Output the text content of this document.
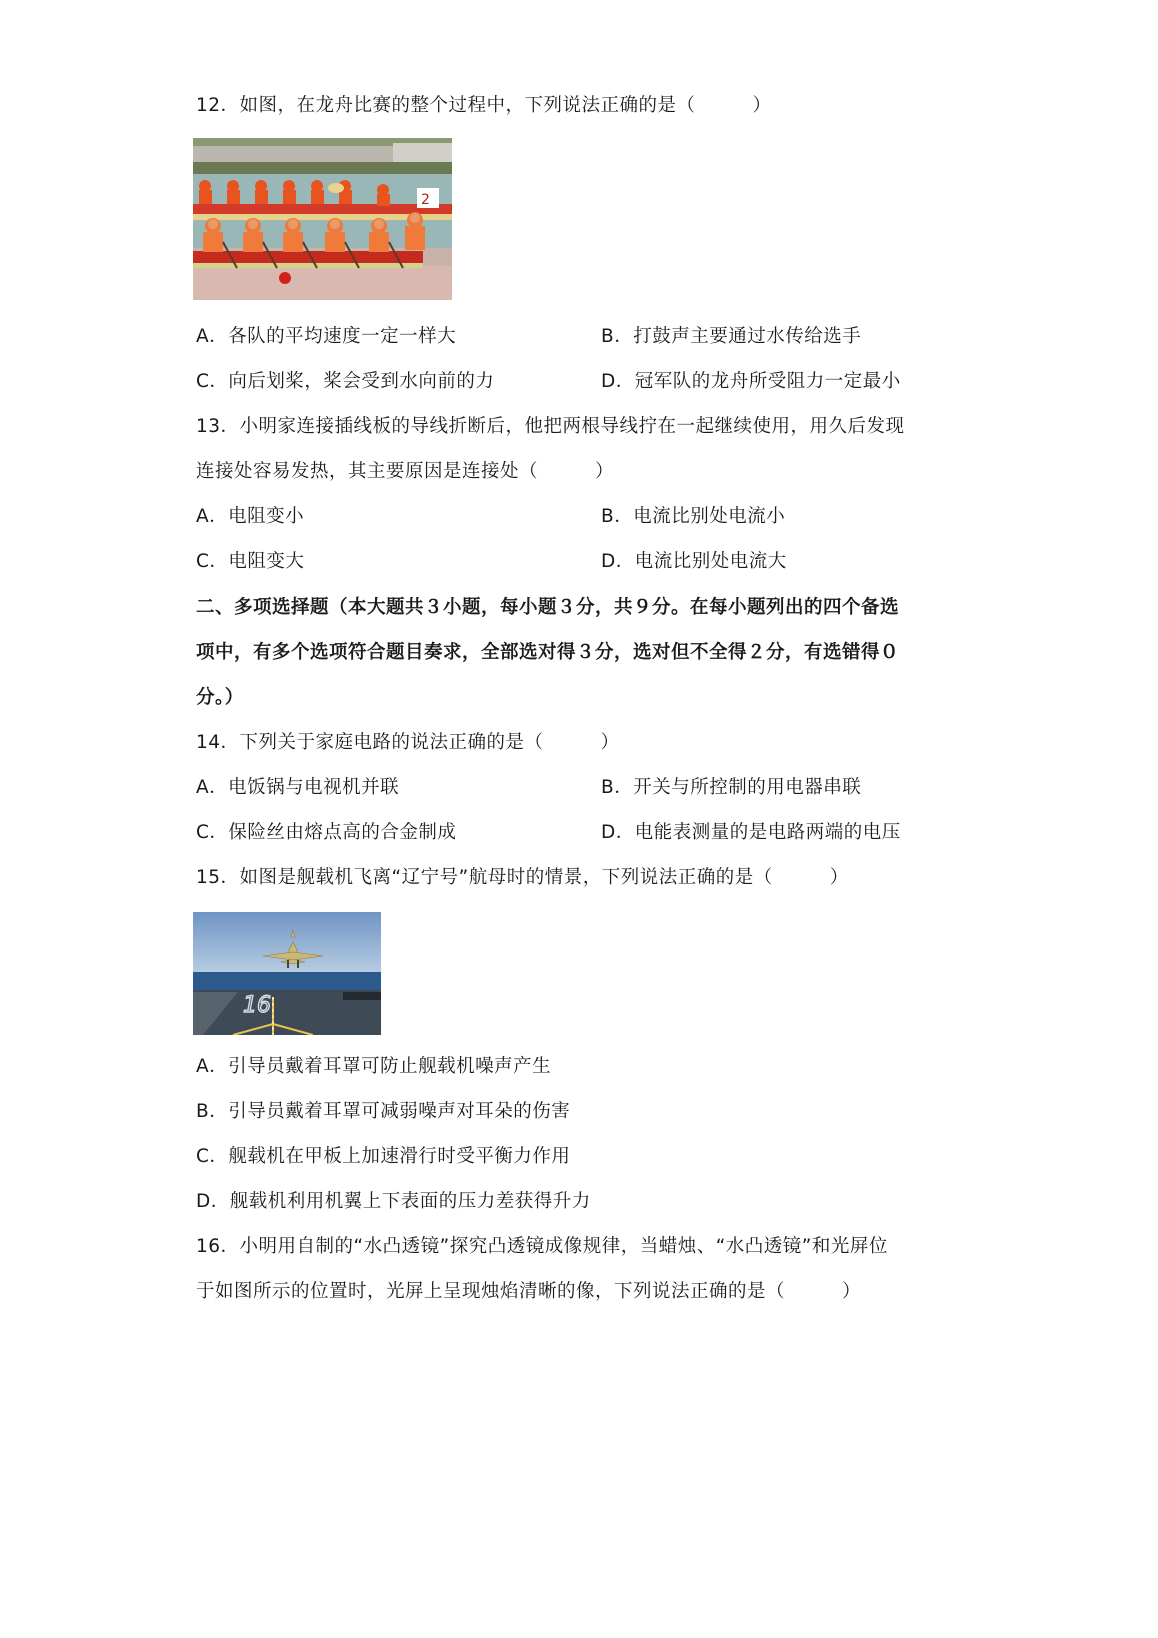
12．如图，在龙舟比赛的整个过程中，下列说法正确的是（　　　）
2
A．各队的平均速度一定一样大	B．打鼓声主要通过水传给选手
C．向后划桨，桨会受到水向前的力	D．冠军队的龙舟所受阻力一定最小
13．小明家连接插线板的导线折断后，他把两根导线拧在一起继续使用，用久后发现
连接处容易发热，其主要原因是连接处（　　　）
A．电阻变小	B．电流比别处电流小
C．电阻变大	D．电流比别处电流大
二、多项选择题（本大题共３小题，每小题３分，共９分。在每小题列出的四个备选
项中，有多个选项符合题目奏求，全部选对得３分，选对但不全得２分，有选错得０
分。）
14．下列关于家庭电路的说法正确的是（　　　）
A．电饭锅与电视机并联	B．开关与所控制的用电器串联
C．保险丝由熔点高的合金制成	D．电能表测量的是电路两端的电压
15．如图是舰载机飞离“辽宁号”航母时的情景，下列说法正确的是（　　　）
16
A．引导员戴着耳罩可防止舰载机噪声产生
B．引导员戴着耳罩可减弱噪声对耳朵的伤害
C．舰载机在甲板上加速滑行时受平衡力作用
D．舰载机利用机翼上下表面的压力差获得升力
16．小明用自制的“水凸透镜”探究凸透镜成像规律，当蜡烛、“水凸透镜”和光屏位
于如图所示的位置时，光屏上呈现烛焰清晰的像，下列说法正确的是（　　　）
